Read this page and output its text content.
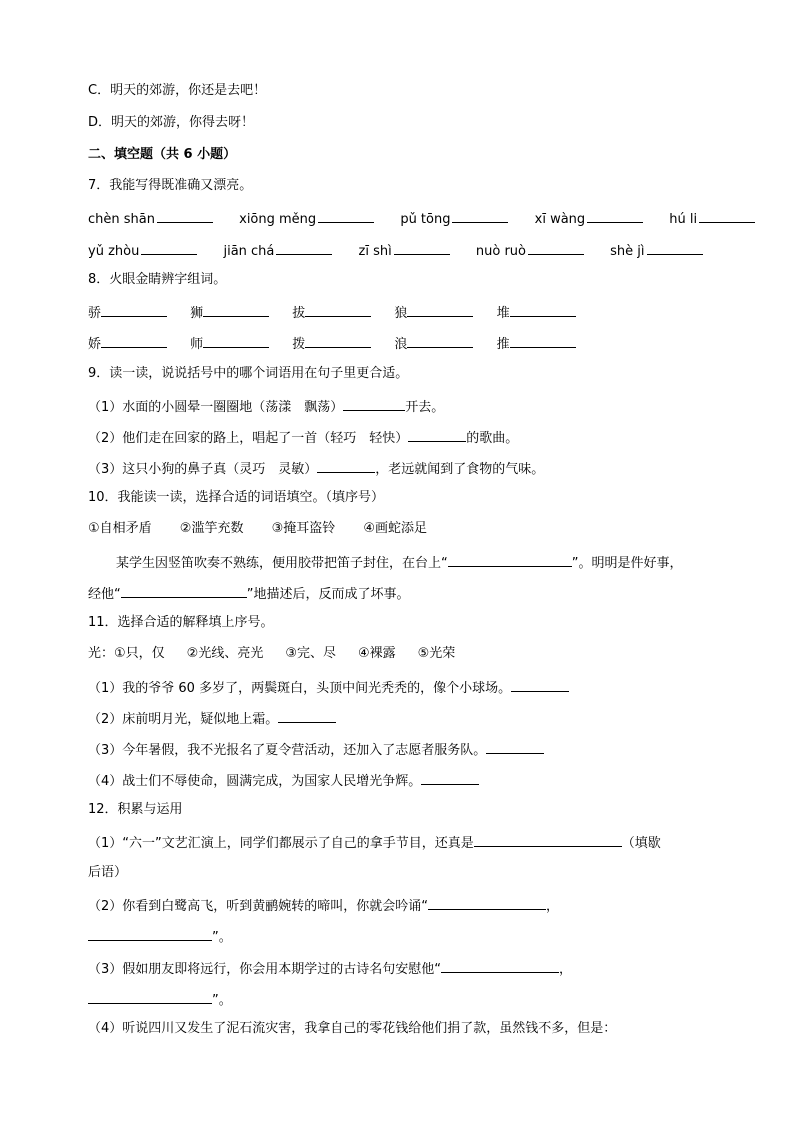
C．明天的郊游，你还是去吧！
D．明天的郊游，你得去呀！
二、填空题（共 6 小题）
7．我能写得既准确又漂亮。
chèn shān	xiōng měng	pǔ tōng	xī wàng	hú li
yǔ zhòu	jiān chá	zī shì	nuò ruò	shè jì
8．火眼金睛辨字组词。
骄	狮	拔	狼	堆
娇	师	拨	浪	推
9．读一读，说说括号中的哪个词语用在句子里更合适。
（1）水面的小圆晕一圈圈地（荡漾　飘荡）	开去。
（2）他们走在回家的路上，唱起了一首（轻巧　轻快）	的歌曲。
（3）这只小狗的鼻子真（灵巧　灵敏）	，老远就闻到了食物的气味。
10．我能读一读，选择合适的词语填空。（填序号）
①自相矛盾 ②滥竽充数 ③掩耳盗铃 ④画蛇添足
某学生因竖笛吹奏不熟练，便用胶带把笛子封住，在台上“	”。明明是件好事，
经他“	”地描述后，反而成了坏事。
11．选择合适的解释填上序号。
光：①只，仅 ②光线、亮光 ③完、尽 ④裸露 ⑤光荣
（1）我的爷爷 60 多岁了，两鬓斑白，头顶中间光秃秃的，像个小球场。
（2）床前明月光，疑似地上霜。
（3）今年暑假，我不光报名了夏令营活动，还加入了志愿者服务队。
（4）战士们不辱使命，圆满完成，为国家人民增光争辉。
12．积累与运用
（1）“六一”文艺汇演上，同学们都展示了自己的拿手节目，还真是	（填歇
后语）
（2）你看到白鹭高飞，听到黄鹂婉转的啼叫，你就会吟诵“	，
”。
（3）假如朋友即将远行，你会用本期学过的古诗名句安慰他“	，
”。
（4）听说四川又发生了泥石流灾害，我拿自己的零花钱给他们捐了款，虽然钱不多，但是：
